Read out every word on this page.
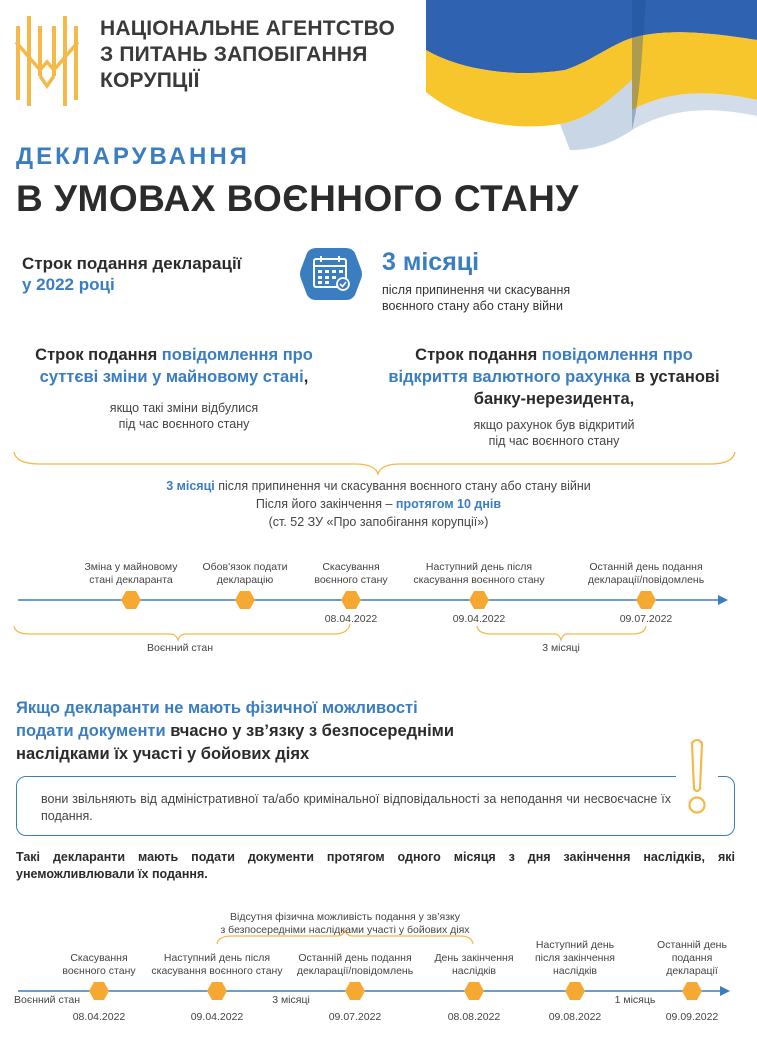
НАЦІОНАЛЬНЕ АГЕНТСТВО
З ПИТАНЬ ЗАПОБІГАННЯ
КОРУПЦІЇ
ДЕКЛАРУВАННЯ
В УМОВАХ ВОЄННОГО СТАНУ
Строк подання декларації
у 2022 році
3 місяці
після припинення чи скасування
воєнного стану або стану війни
Строк подання повідомлення про
суттєві зміни у майновому стані,
якщо такі зміни відбулися
під час воєнного стану
Строк подання повідомлення про
відкриття валютного рахунка в установі
банку-нерезидента,
якщо рахунок був відкритий
під час воєнного стану
3 місяці після припинення чи скасування воєнного стану або стану війни
Після його закінчення – протягом 10 днів
(ст. 52 ЗУ «Про запобігання корупції»)
Зміна у майновому
стані декларанта
Обов'язок подати
декларацію
Скасування
воєнного стану
08.04.2022
Наступний день після
скасування воєнного стану
09.04.2022
Останній день подання
декларації/повідомлень
09.07.2022
Воєнний стан	3 місяці
Якщо декларанти не мають фізичної можливості
подати документи вчасно у зв’язку з безпосередніми
наслідками їх участі у бойових діях
вони звільняють від адміністративної та/або кримінальної відповідальності за неподання чи несвоєчасне їх подання.
Такі декларанти мають подати документи протягом одного місяця з дня закінчення наслідків, які унеможливлювали їх подання.
Відсутня фізична можливість подання у зв’язку
з безпосередніми наслідками участі у бойових діях
Воєнний стан	3 місяці	1 місяць
Скасування
воєнного стану
08.04.2022
Наступний день після
скасування воєнного стану
09.04.2022
Останній день подання
декларації/повідомлень
09.07.2022
День закінчення
наслідків
08.08.2022
Наступний день
після закінчення
наслідків
09.08.2022
Останній день
подання
декларації
09.09.2022
